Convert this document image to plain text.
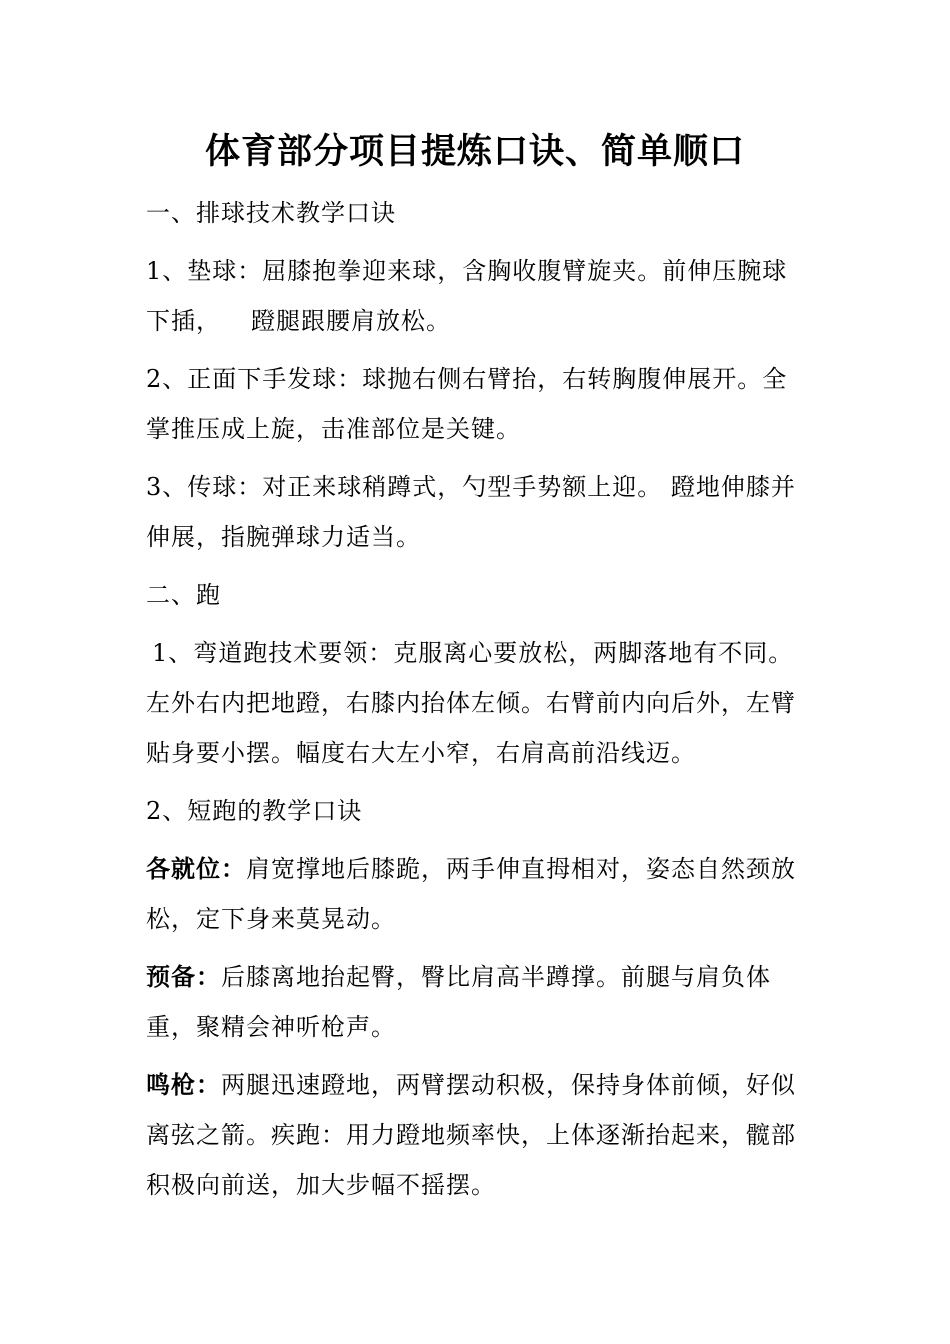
体育部分项目提炼口诀、简单顺口

一、排球技术教学口诀

1、垫球：屈膝抱拳迎来球，含胸收腹臂旋夹。前伸压腕球下插， 蹬腿跟腰肩放松。

2、正面下手发球：球抛右侧右臂抬，右转胸腹伸展开。全掌推压成上旋，击准部位是关键。

3、传球：对正来球稍蹲式，勺型手势额上迎。 蹬地伸膝并伸展，指腕弹球力适当。

二、跑

1、弯道跑技术要领：克服离心要放松，两脚落地有不同。左外右内把地蹬，右膝内抬体左倾。右臂前内向后外，左臂贴身要小摆。幅度右大左小窄，右肩高前沿线迈。

2、短跑的教学口诀

各就位：肩宽撑地后膝跪，两手伸直拇相对，姿态自然颈放松，定下身来莫晃动。

预备：后膝离地抬起臀，臀比肩高半蹲撑。前腿与肩负体重，聚精会神听枪声。

鸣枪：两腿迅速蹬地，两臂摆动积极，保持身体前倾，好似离弦之箭。疾跑：用力蹬地频率快，上体逐渐抬起来，髋部积极向前送，加大步幅不摇摆。
